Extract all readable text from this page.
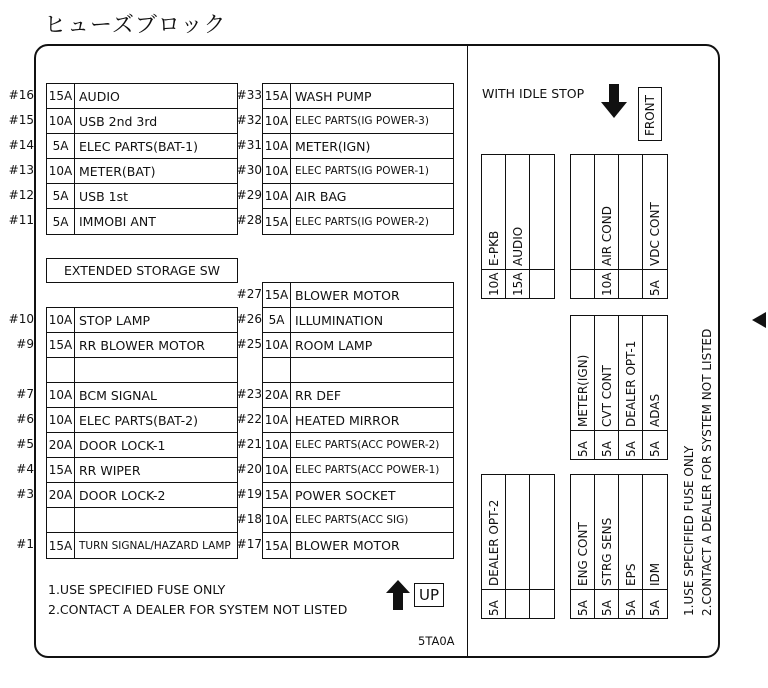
ヒューズブロック
15A AUDIO
10A USB 2nd 3rd
5A ELEC PARTS(BAT-1)
10A METER(BAT)
5A USB 1st
5A IMMOBI ANT
15A WASH PUMP
10A ELEC PARTS(IG POWER-3)
10A METER(IGN)
10A ELEC PARTS(IG POWER-1)
10A AIR BAG
15A ELEC PARTS(IG POWER-2)
EXTENDED STORAGE SW
10A STOP LAMP
15A RR BLOWER MOTOR
10A BCM SIGNAL
10A ELEC PARTS(BAT-2)
20A DOOR LOCK-1
15A RR WIPER
20A DOOR LOCK-2
15A TURN SIGNAL/HAZARD LAMP
15A BLOWER MOTOR
5A ILLUMINATION
10A ROOM LAMP
20A RR DEF
10A HEATED MIRROR
10A ELEC PARTS(ACC POWER-2)
10A ELEC PARTS(ACC POWER-1)
15A POWER SOCKET
10A ELEC PARTS(ACC SIG)
15A BLOWER MOTOR
1.USE SPECIFIED FUSE ONLY
2.CONTACT A DEALER FOR SYSTEM NOT LISTED
UP
5TA0A
WITH IDLE STOP
FRONT
10A
E-PKB
15A
AUDIO
10A
AIR COND
5A
VDC CONT
5A
METER(IGN)
5A
CVT CONT
5A
DEALER OPT-1
5A
ADAS
5A
DEALER OPT-2
5A
ENG CONT
5A
STRG SENS
5A
EPS
5A
IDM 1.USE SPECIFIED FUSE ONLY 2.CONTACT A DEALER FOR SYSTEM NOT LISTED
#16
#15
#14
#13
#12
#11
#33
#32
#31
#30
#29
#28
#10
#9
#7
#6
#5
#4
#3
#1
#27
#26
#25
#23
#22
#21
#20
#19
#18
#17
